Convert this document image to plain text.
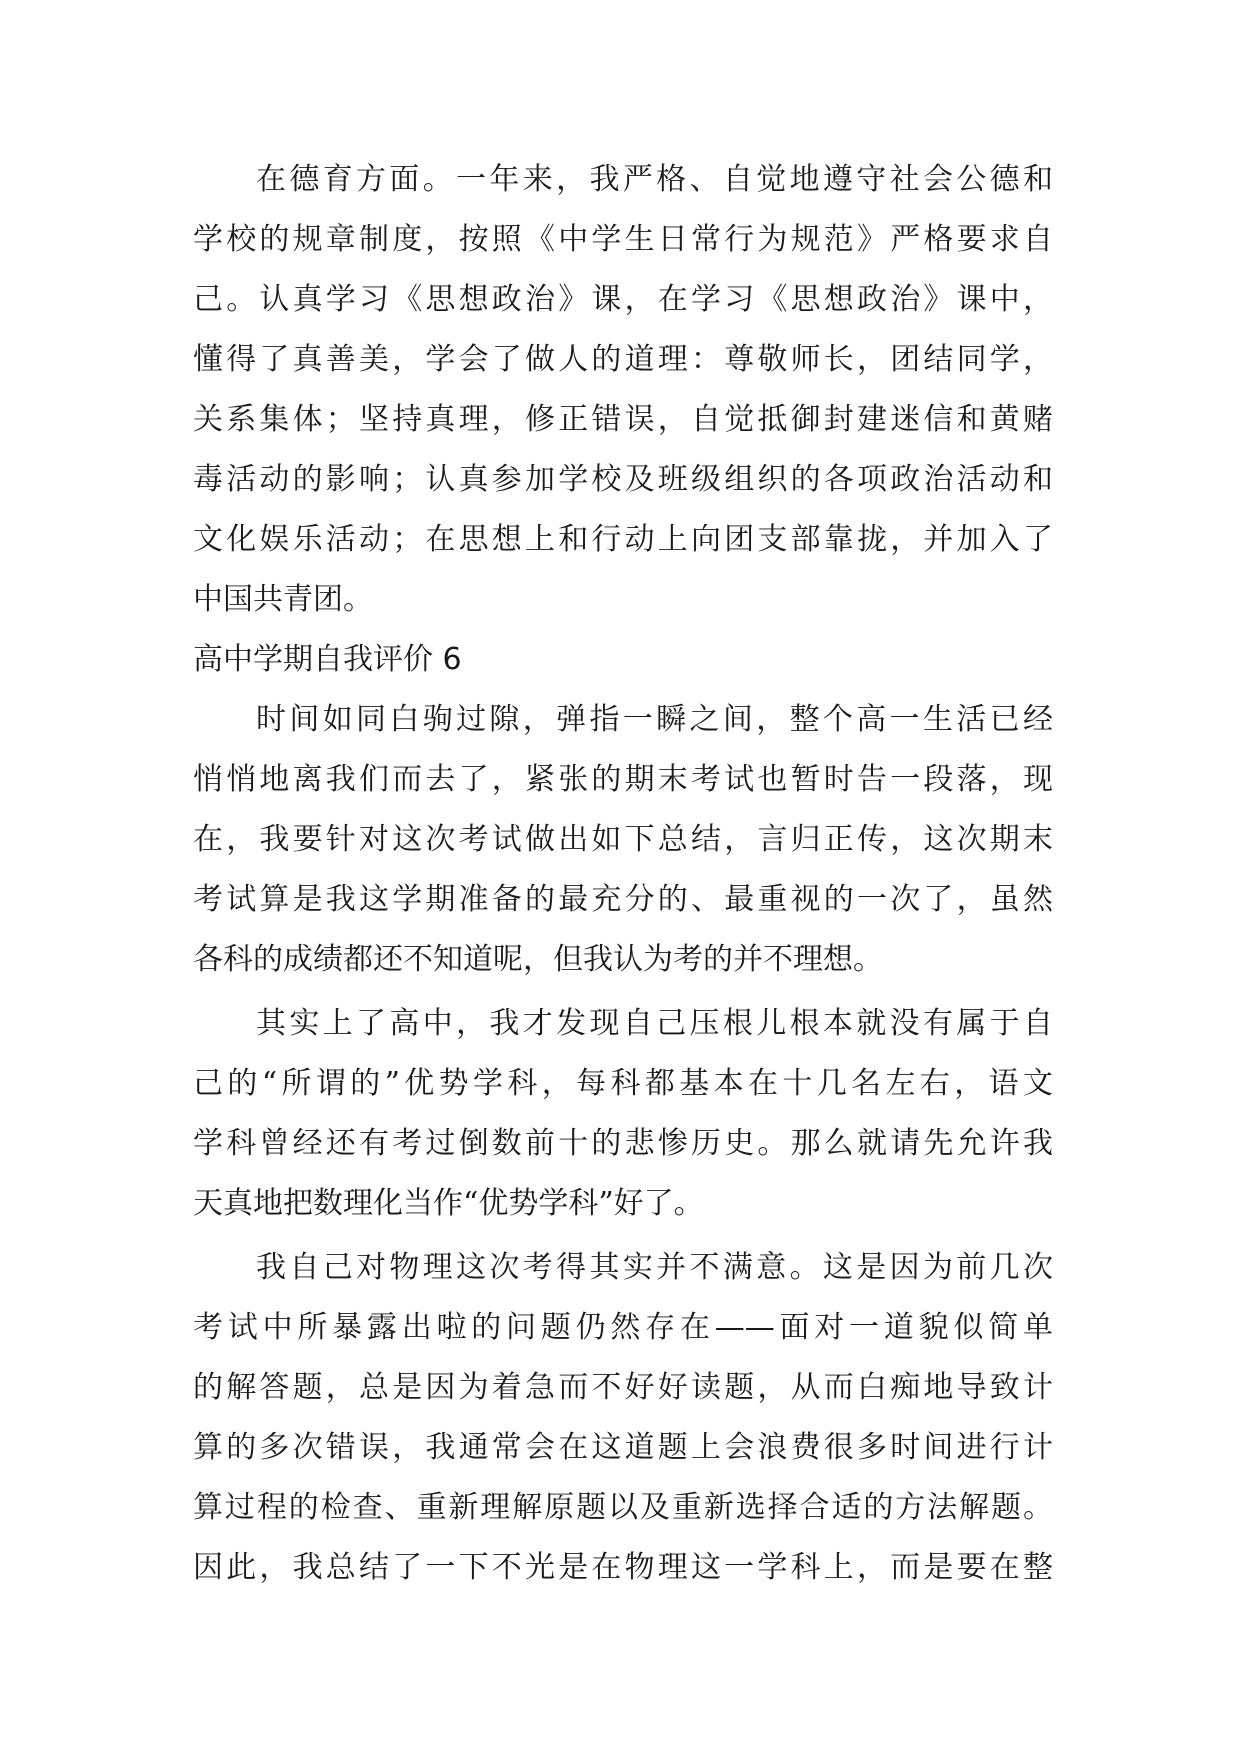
在德育方面。一年来，我严格、自觉地遵守社会公德和
学校的规章制度，按照《中学生日常行为规范》严格要求自
己。认真学习《思想政治》课，在学习《思想政治》课中，
懂得了真善美，学会了做人的道理：尊敬师长，团结同学，
关系集体；坚持真理，修正错误，自觉抵御封建迷信和黄赌
毒活动的影响；认真参加学校及班级组织的各项政治活动和
文化娱乐活动；在思想上和行动上向团支部靠拢，并加入了
中国共青团。
高中学期自我评价 6
时间如同白驹过隙，弹指一瞬之间，整个高一生活已经
悄悄地离我们而去了，紧张的期末考试也暂时告一段落，现
在，我要针对这次考试做出如下总结，言归正传，这次期末
考试算是我这学期准备的最充分的、最重视的一次了，虽然
各科的成绩都还不知道呢，但我认为考的并不理想。
其实上了高中，我才发现自己压根儿根本就没有属于自
己的“所谓的”优势学科，每科都基本在十几名左右，语文
学科曾经还有考过倒数前十的悲惨历史。那么就请先允许我
天真地把数理化当作“优势学科”好了。
我自己对物理这次考得其实并不满意。这是因为前几次
考试中所暴露出啦的问题仍然存在——面对一道貌似简单
的解答题，总是因为着急而不好好读题，从而白痴地导致计
算的多次错误，我通常会在这道题上会浪费很多时间进行计
算过程的检查、重新理解原题以及重新选择合适的方法解题。
因此，我总结了一下不光是在物理这一学科上，而是要在整
